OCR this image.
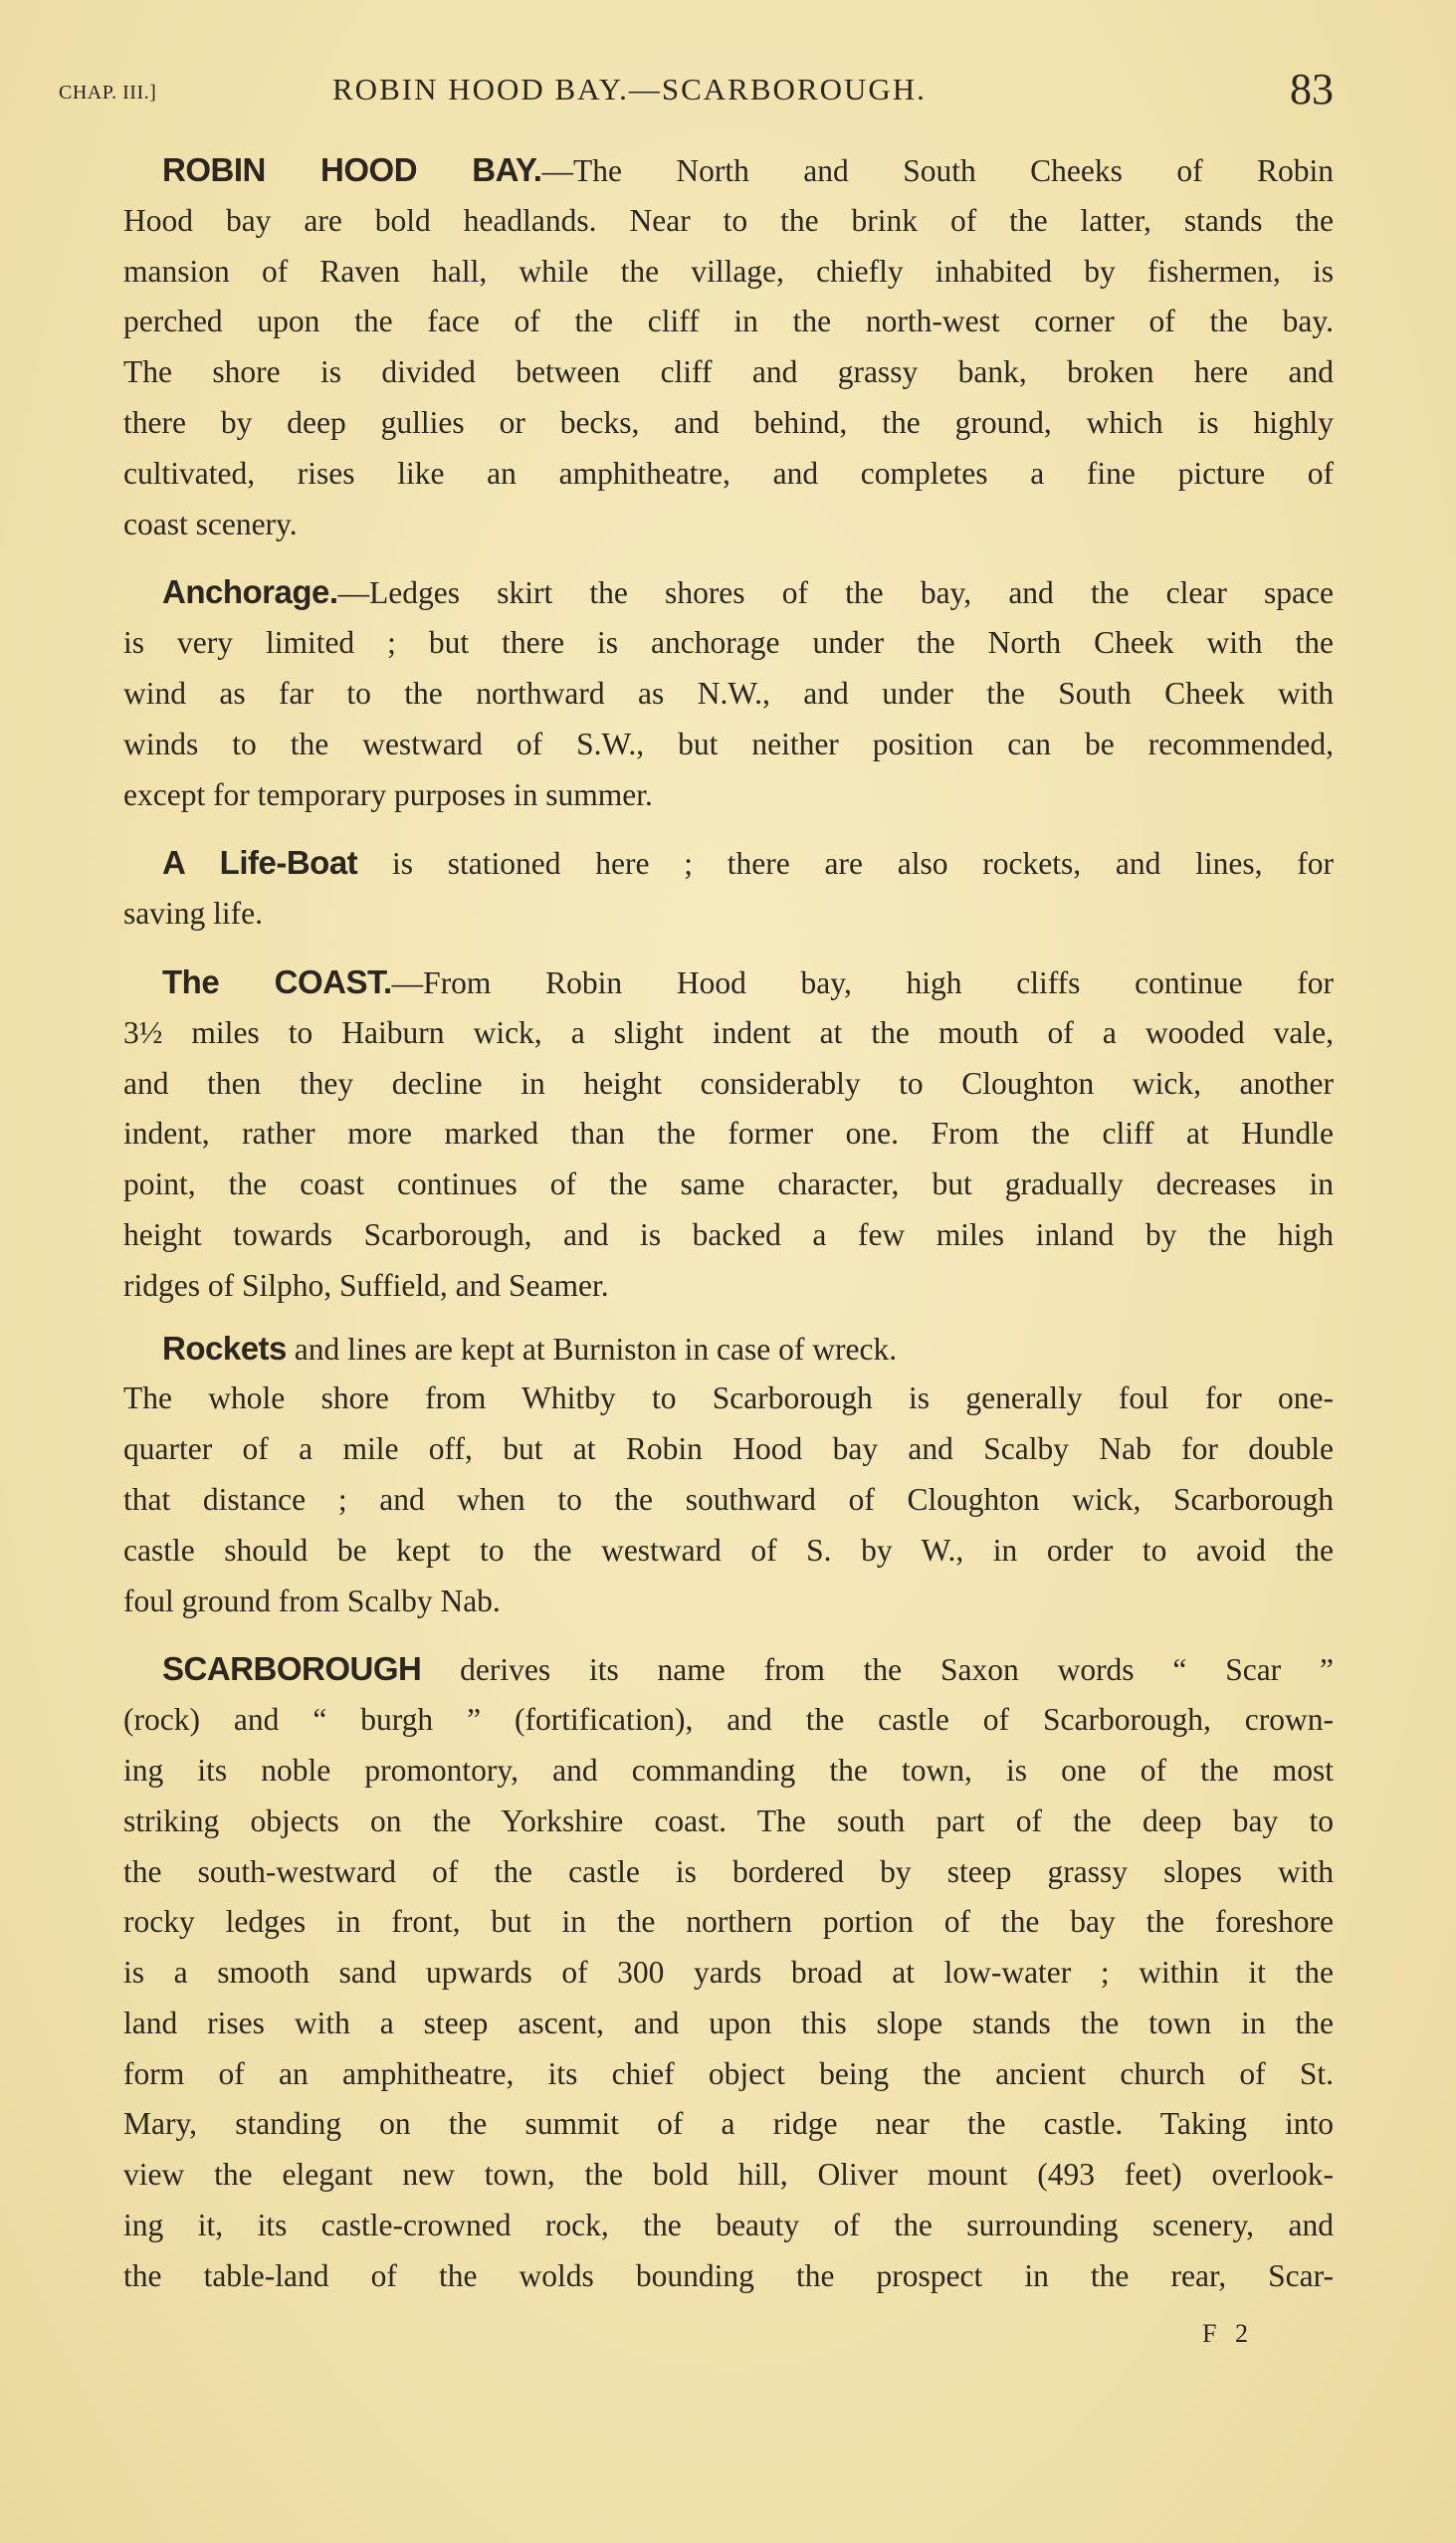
CHAP. III.]	ROBIN HOOD BAY.—SCARBOROUGH.	83
ROBIN HOOD BAY.—The North and South Cheeks of Robin
Hood bay are bold headlands. Near to the brink of the latter, stands the
mansion of Raven hall, while the village, chiefly inhabited by fishermen, is
perched upon the face of the cliff in the north-west corner of the bay.
The shore is divided between cliff and grassy bank, broken here and
there by deep gullies or becks, and behind, the ground, which is highly
cultivated, rises like an amphitheatre, and completes a fine picture of
coast scenery.
Anchorage.—Ledges skirt the shores of the bay, and the clear space
is very limited ; but there is anchorage under the North Cheek with the
wind as far to the northward as N.W., and under the South Cheek with
winds to the westward of S.W., but neither position can be recommended,
except for temporary purposes in summer.
A Life-Boat is stationed here ; there are also rockets, and lines, for
saving life.
The COAST.—From Robin Hood bay, high cliffs continue for
3½ miles to Haiburn wick, a slight indent at the mouth of a wooded vale,
and then they decline in height considerably to Cloughton wick, another
indent, rather more marked than the former one. From the cliff at Hundle
point, the coast continues of the same character, but gradually decreases in
height towards Scarborough, and is backed a few miles inland by the high
ridges of Silpho, Suffield, and Seamer.
Rockets and lines are kept at Burniston in case of wreck.
The whole shore from Whitby to Scarborough is generally foul for one-
quarter of a mile off, but at Robin Hood bay and Scalby Nab for double
that distance ; and when to the southward of Cloughton wick, Scarborough
castle should be kept to the westward of S. by W., in order to avoid the
foul ground from Scalby Nab.
SCARBOROUGH derives its name from the Saxon words “ Scar ”
(rock) and “ burgh ” (fortification), and the castle of Scarborough, crown-
ing its noble promontory, and commanding the town, is one of the most
striking objects on the Yorkshire coast. The south part of the deep bay to
the south-westward of the castle is bordered by steep grassy slopes with
rocky ledges in front, but in the northern portion of the bay the foreshore
is a smooth sand upwards of 300 yards broad at low-water ; within it the
land rises with a steep ascent, and upon this slope stands the town in the
form of an amphitheatre, its chief object being the ancient church of St.
Mary, standing on the summit of a ridge near the castle. Taking into
view the elegant new town, the bold hill, Oliver mount (493 feet) overlook-
ing it, its castle-crowned rock, the beauty of the surrounding scenery, and
the table-land of the wolds bounding the prospect in the rear, Scar-
F 2
